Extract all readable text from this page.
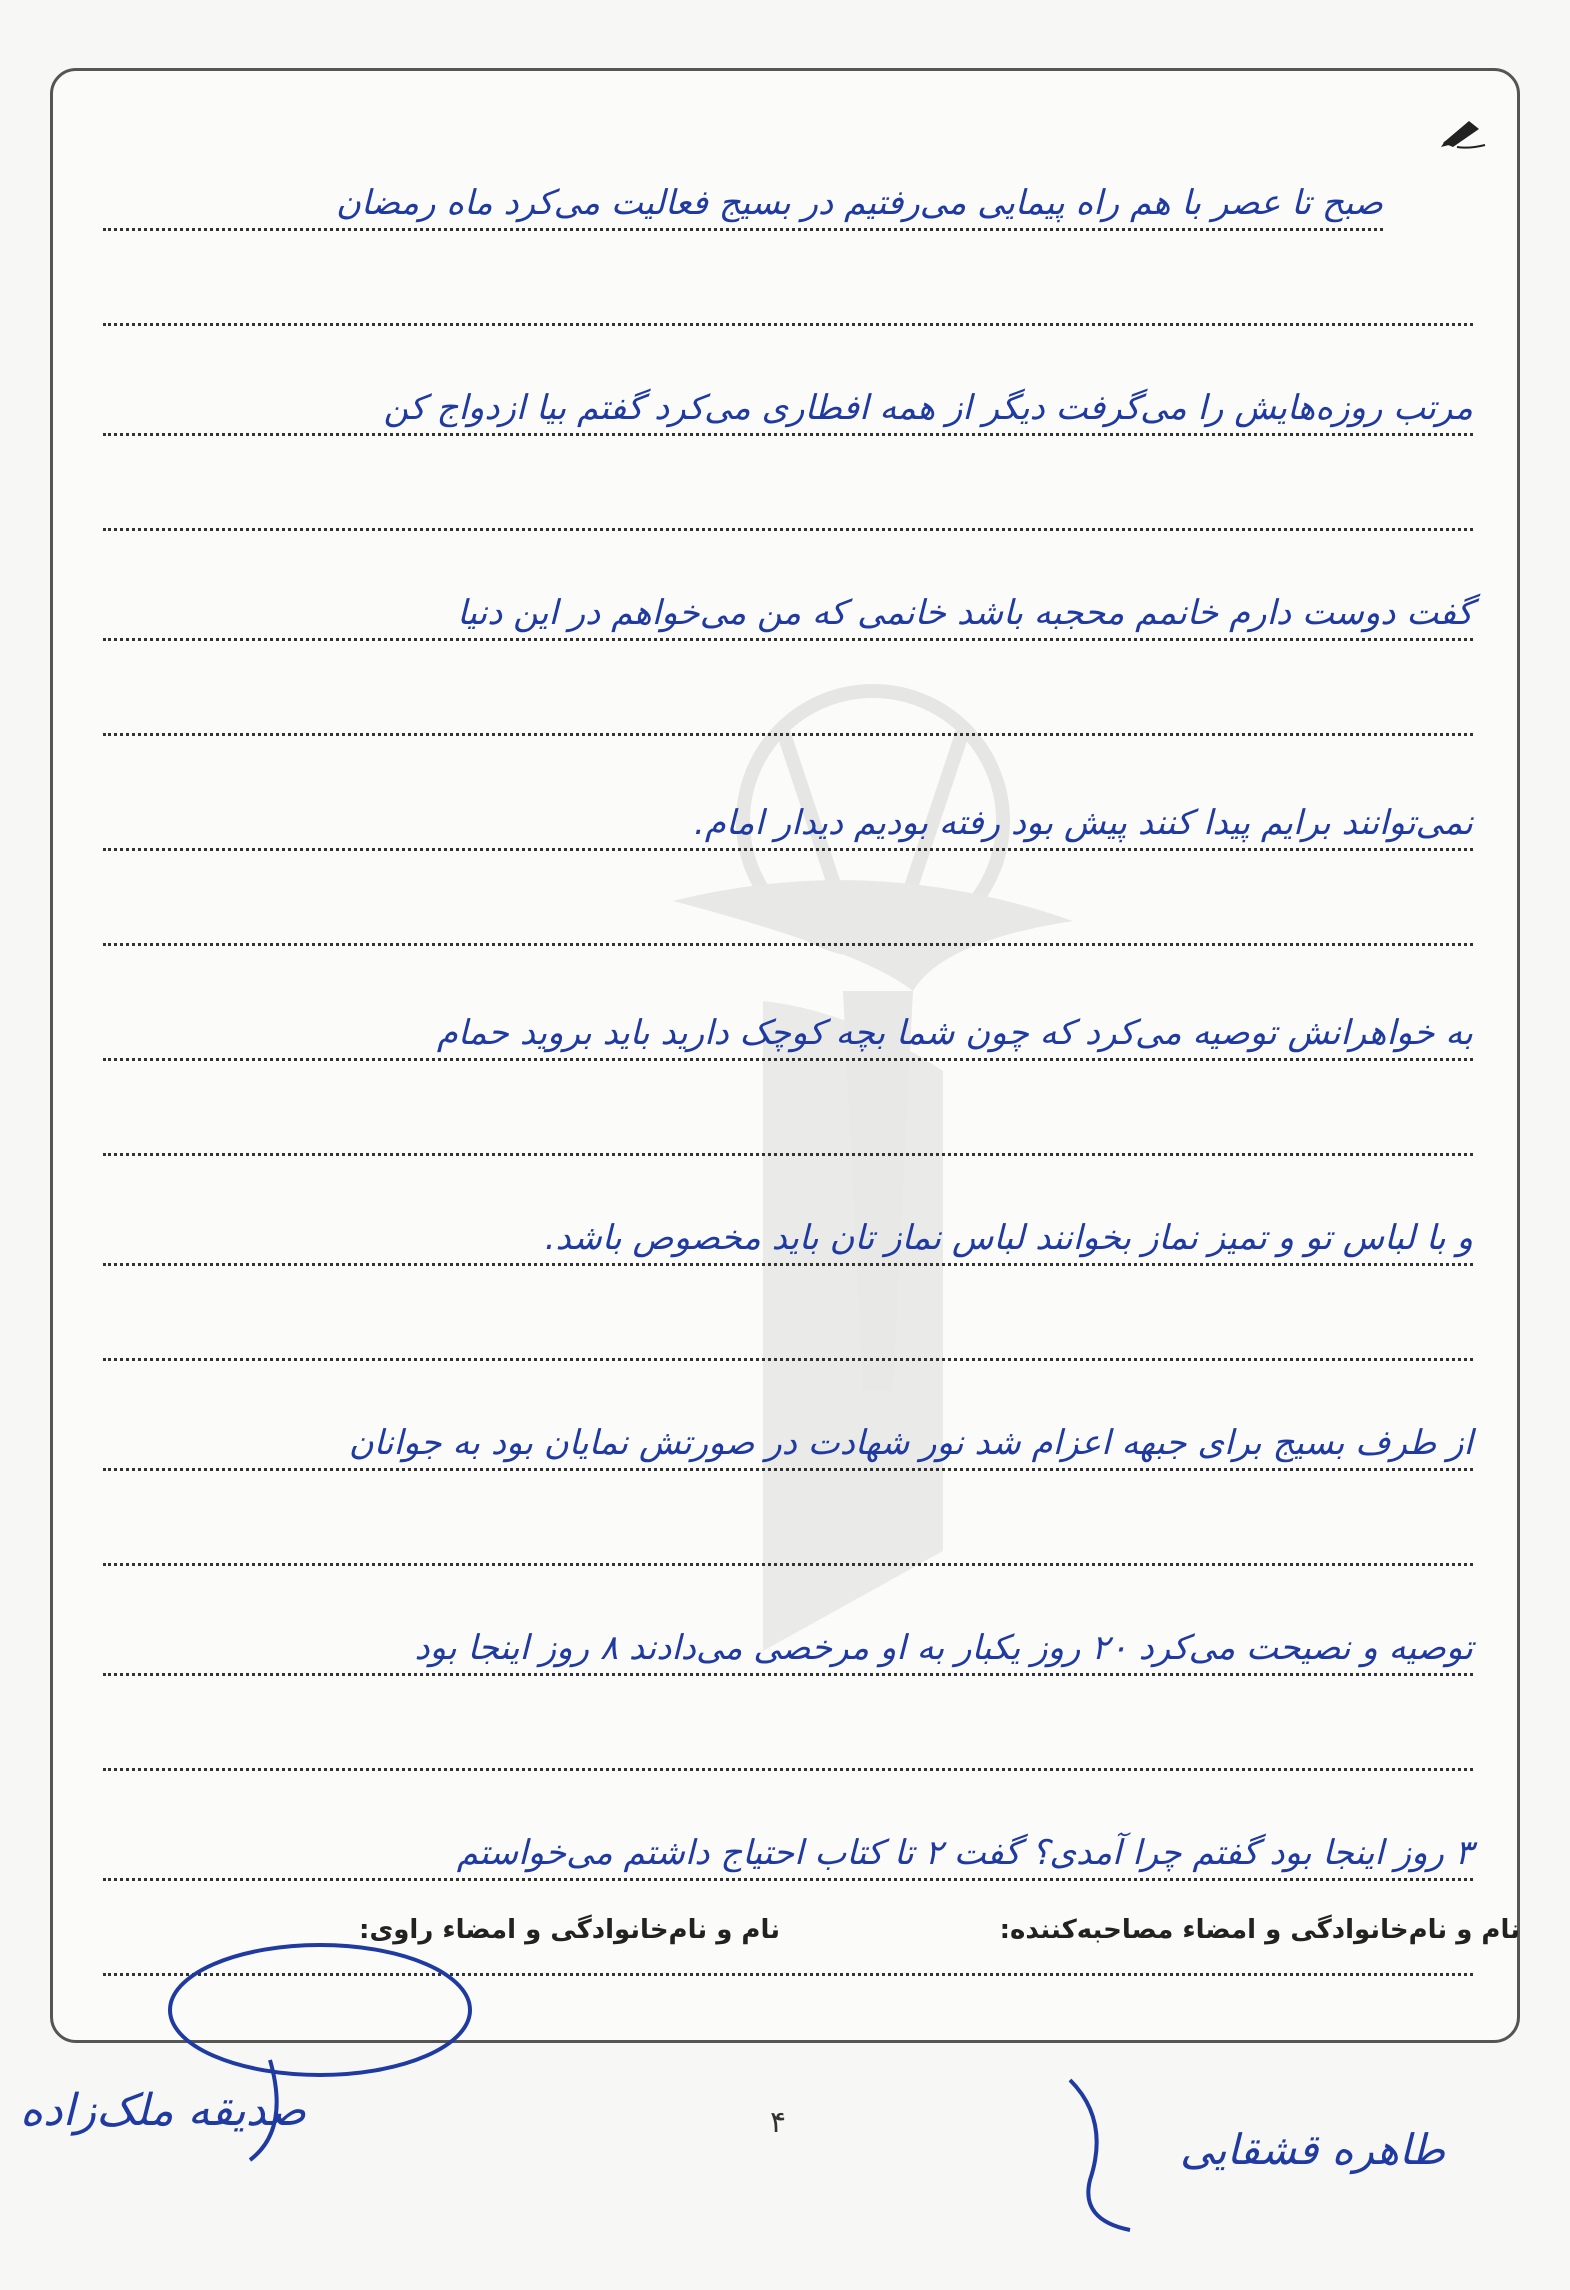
صبح تا عصر با هم راه پیمایی می‌رفتیم در بسیج فعالیت می‌کرد ماه رمضان
مرتب روزه‌هایش را می‌گرفت دیگر از همه افطاری می‌کرد گفتم بیا ازدواج کن
گفت دوست دارم خانمم محجبه باشد خانمی که من می‌خواهم در این دنیا
نمی‌توانند برایم پیدا کنند پیش بود رفته بودیم دیدار امام.
به خواهرانش توصیه می‌کرد که چون شما بچه کوچک دارید باید بروید حمام
و با لباس تو و تمیز نماز بخوانند لباس نماز تان باید مخصوص باشد.
از طرف بسیج برای جبهه اعزام شد نور شهادت در صورتش نمایان بود به جوانان
توصیه و نصیحت می‌کرد ۲۰ روز یکبار به او مرخصی می‌دادند ۸ روز اینجا بود
۳ روز اینجا بود گفتم چرا آمدی؟ گفت ۲ تا کتاب احتیاج داشتم می‌خواستم
نام و نام‌خانوادگی و امضاء مصاحبه‌کننده:
نام و نام‌خانوادگی و امضاء راوی:
صدیقه ملک‌زاده	۴
طاهره قشقایی
